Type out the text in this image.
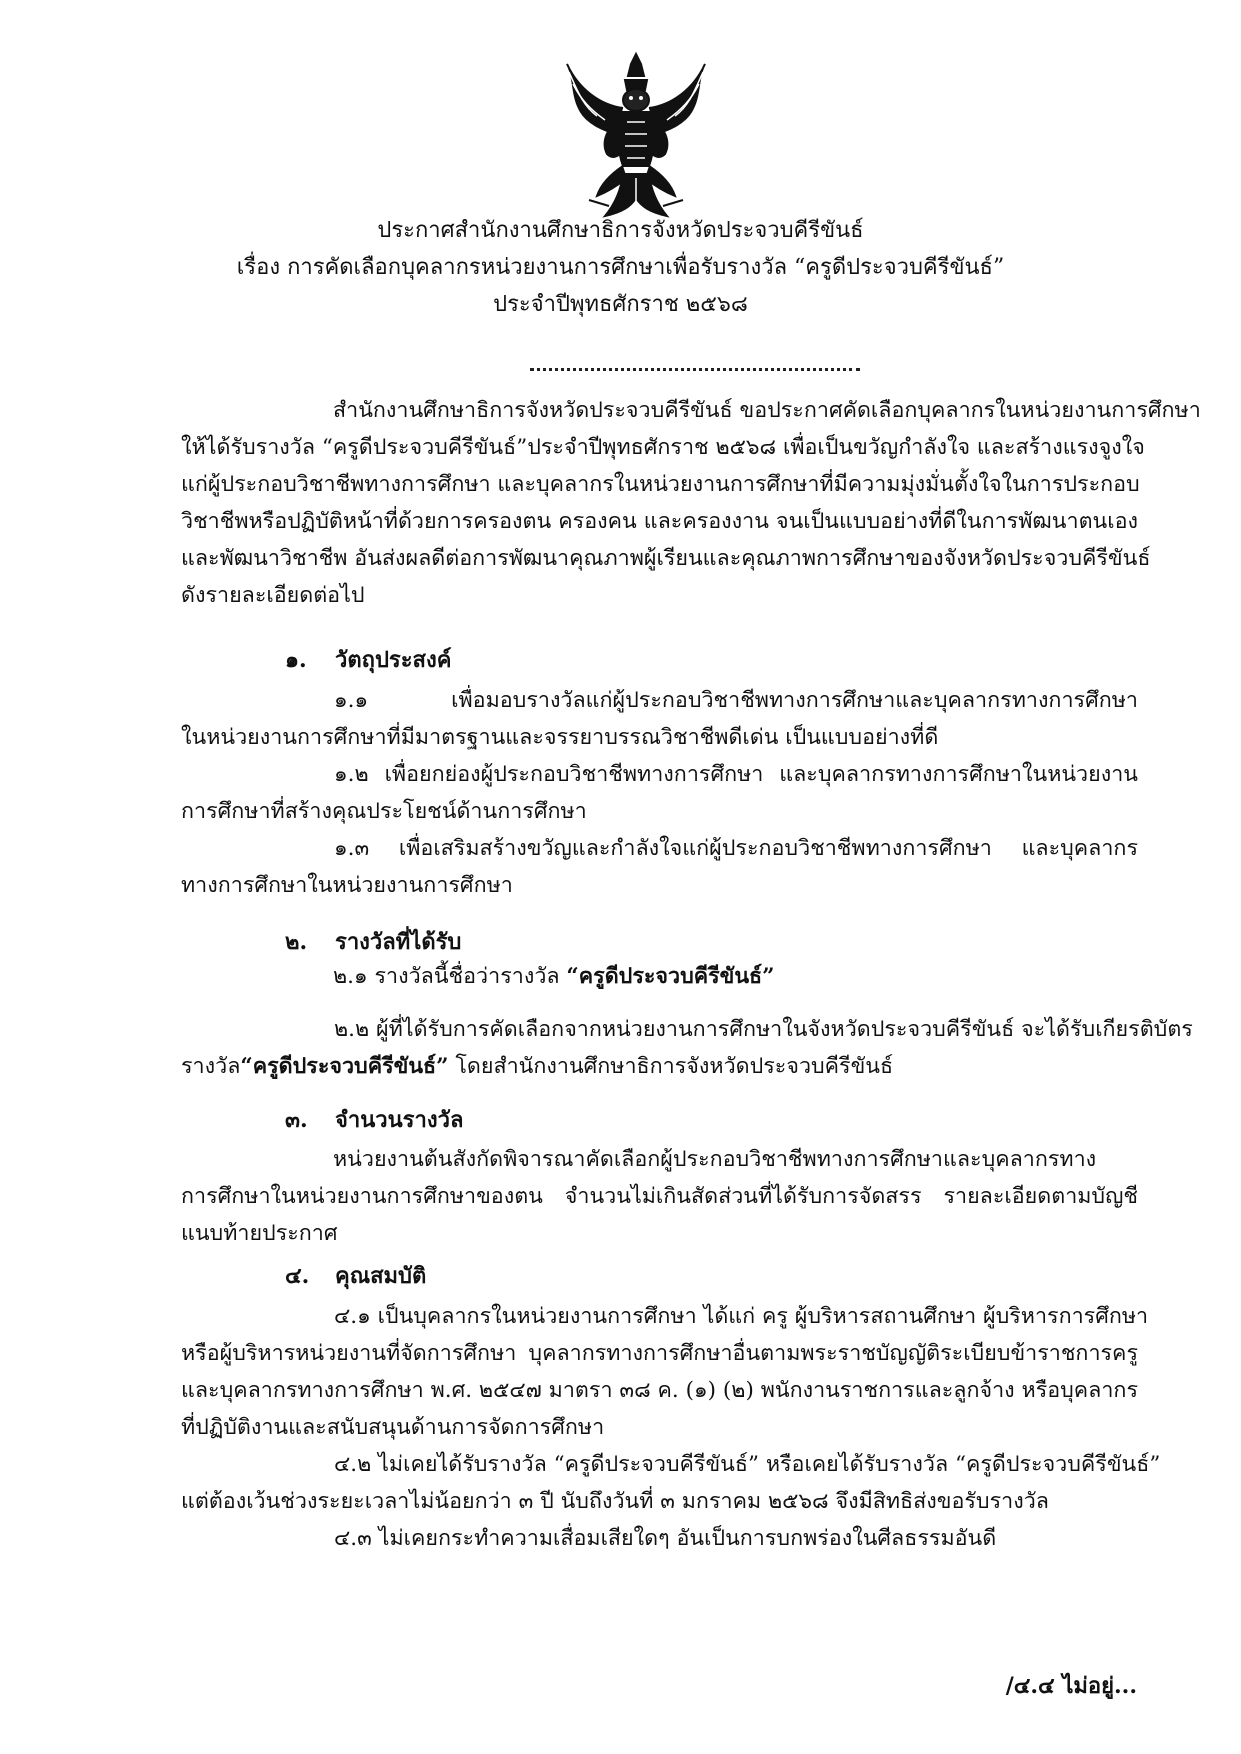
ประกาศสำนักงานศึกษาธิการจังหวัดประจวบคีรีขันธ์
เรื่อง การคัดเลือกบุคลากรหน่วยงานการศึกษาเพื่อรับรางวัล “ครูดีประจวบคีรีขันธ์”
ประจำปีพุทธศักราช ๒๕๖๘
สำนักงานศึกษาธิการจังหวัดประจวบคีรีขันธ์ ขอประกาศคัดเลือกบุคลากรในหน่วยงานการศึกษา
ให้ได้รับรางวัล “ครูดีประจวบคีรีขันธ์”ประจำปีพุทธศักราช ๒๕๖๘ เพื่อเป็นขวัญกำลังใจ และสร้างแรงจูงใจ
แก่ผู้ประกอบวิชาชีพทางการศึกษา และบุคลากรในหน่วยงานการศึกษาที่มีความมุ่งมั่นตั้งใจในการประกอบ
วิชาชีพหรือปฏิบัติหน้าที่ด้วยการครองตน ครองคน และครองงาน จนเป็นแบบอย่างที่ดีในการพัฒนาตนเอง
และพัฒนาวิชาชีพ อันส่งผลดีต่อการพัฒนาคุณภาพผู้เรียนและคุณภาพการศึกษาของจังหวัดประจวบคีรีขันธ์
ดังรายละเอียดต่อไป
๑. วัตถุประสงค์
๑.๑ เพื่อมอบรางวัลแก่ผู้ประกอบวิชาชีพทางการศึกษาและบุคลากรทางการศึกษา
ในหน่วยงานการศึกษาที่มีมาตรฐานและจรรยาบรรณวิชาชีพดีเด่น เป็นแบบอย่างที่ดี
๑.๒ เพื่อยกย่องผู้ประกอบวิชาชีพทางการศึกษา และบุคลากรทางการศึกษาในหน่วยงาน
การศึกษาที่สร้างคุณประโยชน์ด้านการศึกษา
๑.๓ เพื่อเสริมสร้างขวัญและกำลังใจแก่ผู้ประกอบวิชาชีพทางการศึกษา และบุคลากร
ทางการศึกษาในหน่วยงานการศึกษา
๒. รางวัลที่ได้รับ
๒.๑ รางวัลนี้ชื่อว่ารางวัล “ครูดีประจวบคีรีขันธ์”
๒.๒ ผู้ที่ได้รับการคัดเลือกจากหน่วยงานการศึกษาในจังหวัดประจวบคีรีขันธ์ จะได้รับเกียรติบัตร
รางวัล“ครูดีประจวบคีรีขันธ์” โดยสำนักงานศึกษาธิการจังหวัดประจวบคีรีขันธ์
๓. จำนวนรางวัล
หน่วยงานต้นสังกัดพิจารณาคัดเลือกผู้ประกอบวิชาชีพทางการศึกษาและบุคลากรทาง
การศึกษาในหน่วยงานการศึกษาของตน จำนวนไม่เกินสัดส่วนที่ได้รับการจัดสรร รายละเอียดตามบัญชี
แนบท้ายประกาศ
๔. คุณสมบัติ
๔.๑ เป็นบุคลากรในหน่วยงานการศึกษา ได้แก่ ครู ผู้บริหารสถานศึกษา ผู้บริหารการศึกษา
หรือผู้บริหารหน่วยงานที่จัดการศึกษา บุคลากรทางการศึกษาอื่นตามพระราชบัญญัติระเบียบข้าราชการครู
และบุคลากรทางการศึกษา พ.ศ. ๒๕๔๗ มาตรา ๓๘ ค. (๑) (๒) พนักงานราชการและลูกจ้าง หรือบุคลากร
ที่ปฏิบัติงานและสนับสนุนด้านการจัดการศึกษา
๔.๒ ไม่เคยได้รับรางวัล “ครูดีประจวบคีรีขันธ์” หรือเคยได้รับรางวัล “ครูดีประจวบคีรีขันธ์”
แต่ต้องเว้นช่วงระยะเวลาไม่น้อยกว่า ๓ ปี นับถึงวันที่ ๓ มกราคม ๒๕๖๘ จึงมีสิทธิส่งขอรับรางวัล
๔.๓ ไม่เคยกระทำความเสื่อมเสียใดๆ อันเป็นการบกพร่องในศีลธรรมอันดี
/๔.๔ ไม่อยู่...
